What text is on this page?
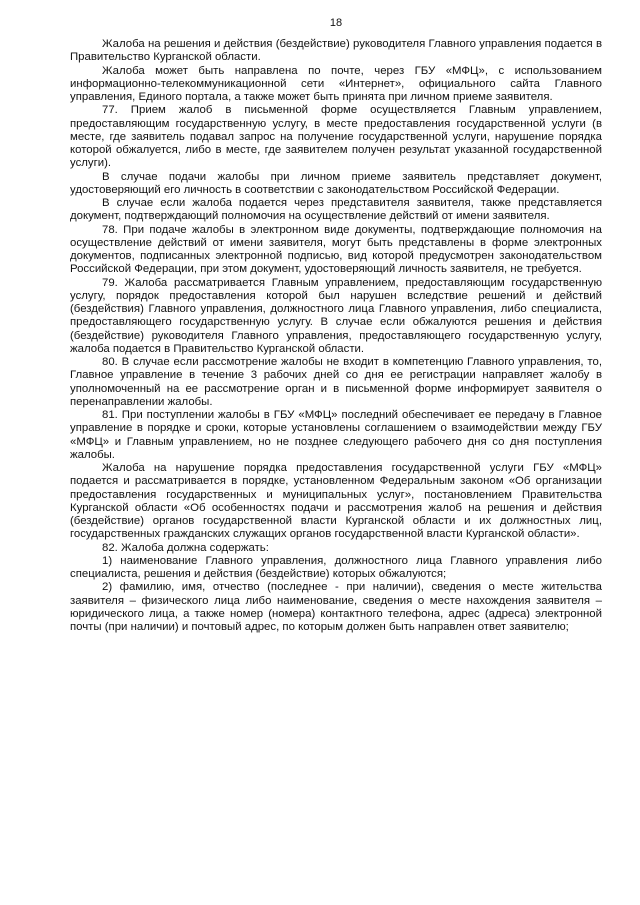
18

Жалоба на решения и действия (бездействие) руководителя Главного управления подается в Правительство Курганской области.

Жалоба может быть направлена по почте, через ГБУ «МФЦ», с использованием информационно-телекоммуникационной сети «Интернет», официального сайта Главного управления, Единого портала, а также может быть принята при личном приеме заявителя.

77. Прием жалоб в письменной форме осуществляется Главным управлением, предоставляющим государственную услугу, в месте предоставления государственной услуги (в месте, где заявитель подавал запрос на получение государственной услуги, нарушение порядка которой обжалуется, либо в месте, где заявителем получен результат указанной государственной услуги).

В случае подачи жалобы при личном приеме заявитель представляет документ, удостоверяющий его личность в соответствии с законодательством Российской Федерации.

В случае если жалоба подается через представителя заявителя, также представляется документ, подтверждающий полномочия на осуществление действий от имени заявителя.

78. При подаче жалобы в электронном виде документы, подтверждающие полномочия на осуществление действий от имени заявителя, могут быть представлены в форме электронных документов, подписанных электронной подписью, вид которой предусмотрен законодательством Российской Федерации, при этом документ, удостоверяющий личность заявителя, не требуется.

79. Жалоба рассматривается Главным управлением, предоставляющим государственную услугу, порядок предоставления которой был нарушен вследствие решений и действий (бездействия) Главного управления, должностного лица Главного управления, либо специалиста, предоставляющего государственную услугу. В случае если обжалуются решения и действия (бездействие) руководителя Главного управления, предоставляющего государственную услугу, жалоба подается в Правительство Курганской области.

80. В случае если рассмотрение жалобы не входит в компетенцию Главного управления, то, Главное управление в течение 3 рабочих дней со дня ее регистрации направляет жалобу в уполномоченный на ее рассмотрение орган и в письменной форме информирует заявителя о перенаправлении жалобы.

81. При поступлении жалобы в ГБУ «МФЦ» последний обеспечивает ее передачу в Главное управление в порядке и сроки, которые установлены соглашением о взаимодействии между ГБУ «МФЦ» и Главным управлением, но не позднее следующего рабочего дня со дня поступления жалобы.

Жалоба на нарушение порядка предоставления государственной услуги ГБУ «МФЦ» подается и рассматривается в порядке, установленном Федеральным законом «Об организации предоставления государственных и муниципальных услуг», постановлением Правительства Курганской области «Об особенностях подачи и рассмотрения жалоб на решения и действия (бездействие) органов государственной власти Курганской области и их должностных лиц, государственных гражданских служащих органов государственной власти Курганской области».

82. Жалоба должна содержать:

1) наименование Главного управления, должностного лица Главного управления либо специалиста, решения и действия (бездействие) которых обжалуются;

2) фамилию, имя, отчество (последнее - при наличии), сведения о месте жительства заявителя – физического лица либо наименование, сведения о месте нахождения заявителя – юридического лица, а также номер (номера) контактного телефона, адрес (адреса) электронной почты (при наличии) и почтовый адрес, по которым должен быть направлен ответ заявителю;
